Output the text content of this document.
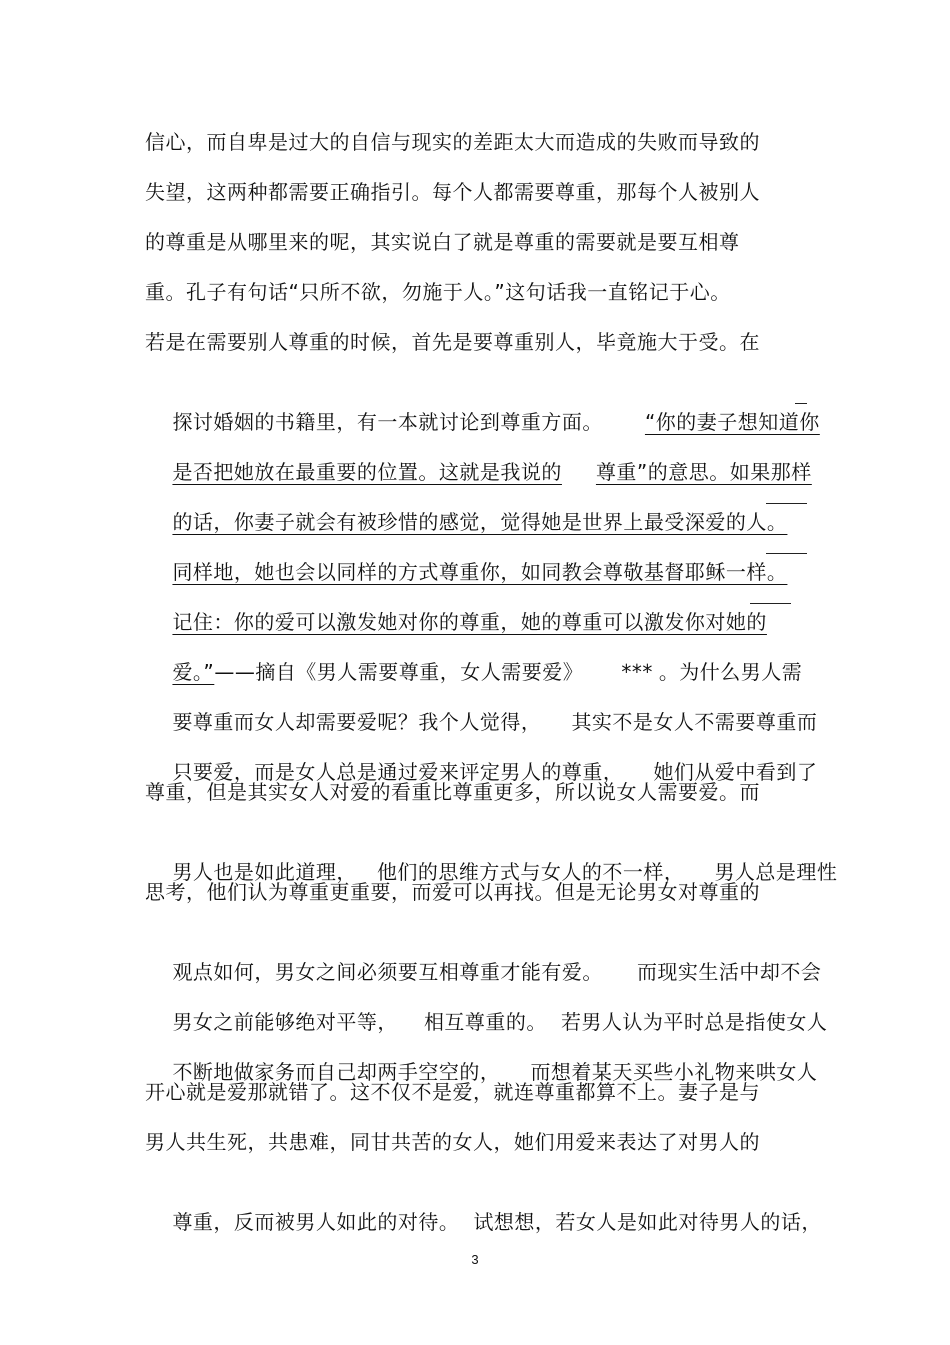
信心，而自卑是过大的自信与现实的差距太大而造成的失败而导致的
失望，这两种都需要正确指引。每个人都需要尊重，那每个人被别人
的尊重是从哪里来的呢，其实说白了就是尊重的需要就是要互相尊
重。孔子有句话“只所不欲，勿施于人。”这句话我一直铭记于心。
若是在需要别人尊重的时候，首先是要尊重别人，毕竟施大于受。在

探讨婚姻的书籍里，有一本就讨论到尊重方面。 “你的妻子想知道你

是否把她放在最重要的位置。这就是我说的 尊重”的意思。如果那样

的话，你妻子就会有被珍惜的感觉，觉得她是世界上最受深爱的人。

同样地，她也会以同样的方式尊重你，如同教会尊敬基督耶稣一样。

记住：你的爱可以激发她对你的尊重，她的尊重可以激发你对她的

爱。”——摘自《男人需要尊重，女人需要爱》 *** 。为什么男人需

要尊重而女人却需要爱呢？我个人觉得， 其实不是女人不需要尊重而

只要爱，而是女人总是通过爱来评定男人的尊重， 她们从爱中看到了

尊重，但是其实女人对爱的看重比尊重更多，所以说女人需要爱。而

男人也是如此道理， 他们的思维方式与女人的不一样， 男人总是理性

思考，他们认为尊重更重要，而爱可以再找。但是无论男女对尊重的

观点如何，男女之间必须要互相尊重才能有爱。 而现实生活中却不会

男女之前能够绝对平等， 相互尊重的。 若男人认为平时总是指使女人

不断地做家务而自己却两手空空的， 而想着某天买些小礼物来哄女人

开心就是爱那就错了。这不仅不是爱，就连尊重都算不上。妻子是与
男人共生死，共患难，同甘共苦的女人，她们用爱来表达了对男人的

尊重，反而被男人如此的对待。 试想想，若女人是如此对待男人的话，

3
